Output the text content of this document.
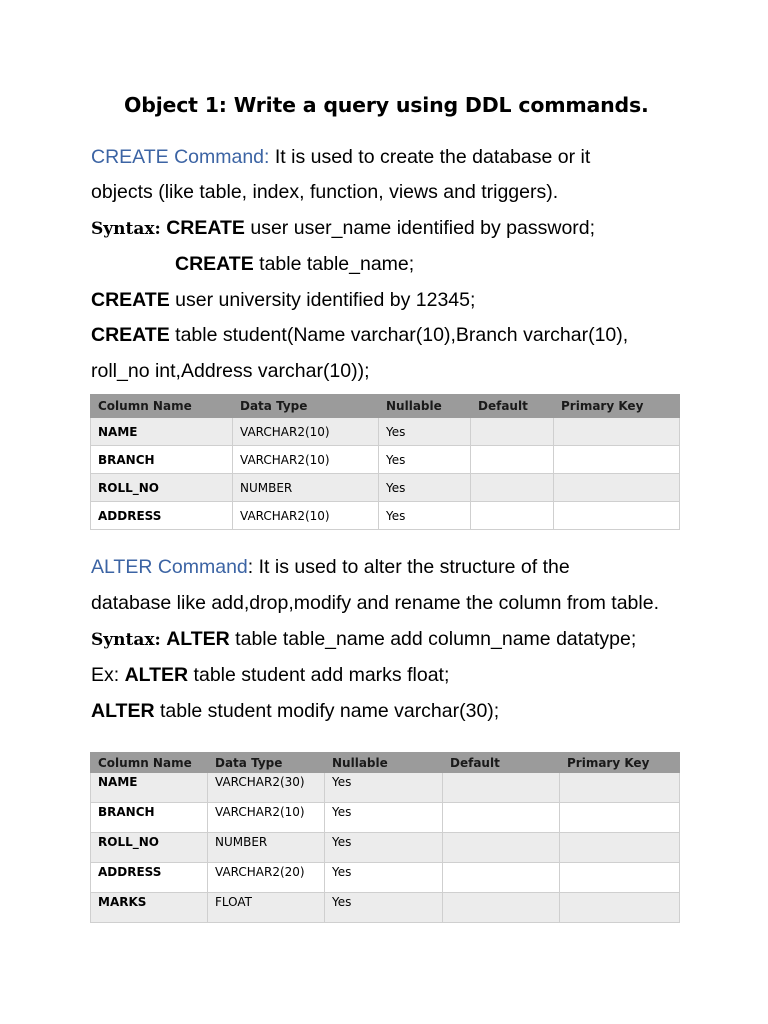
Object 1: Write a query using DDL commands.
CREATE Command: It is used to create the database or it
objects (like table, index, function, views and triggers).
Syntax: CREATE user user_name identified by password;
CREATE table table_name;
CREATE user university identified by 12345;
CREATE table student(Name varchar(10),Branch varchar(10),
roll_no int,Address varchar(10));
Column Name	Data Type	Nullable	Default	Primary Key
NAME	VARCHAR2(10)	Yes		
BRANCH	VARCHAR2(10)	Yes		
ROLL_NO	NUMBER	Yes		
ADDRESS	VARCHAR2(10)	Yes		
ALTER Command: It is used to alter the structure of the
database like add,drop,modify and rename the column from table.
Syntax: ALTER table table_name add column_name datatype;
Ex: ALTER table student add marks float;
ALTER table student modify name varchar(30);
Column Name	Data Type	Nullable	Default	Primary Key
NAME	VARCHAR2(30)	Yes		
BRANCH	VARCHAR2(10)	Yes		
ROLL_NO	NUMBER	Yes		
ADDRESS	VARCHAR2(20)	Yes		
MARKS	FLOAT	Yes		
